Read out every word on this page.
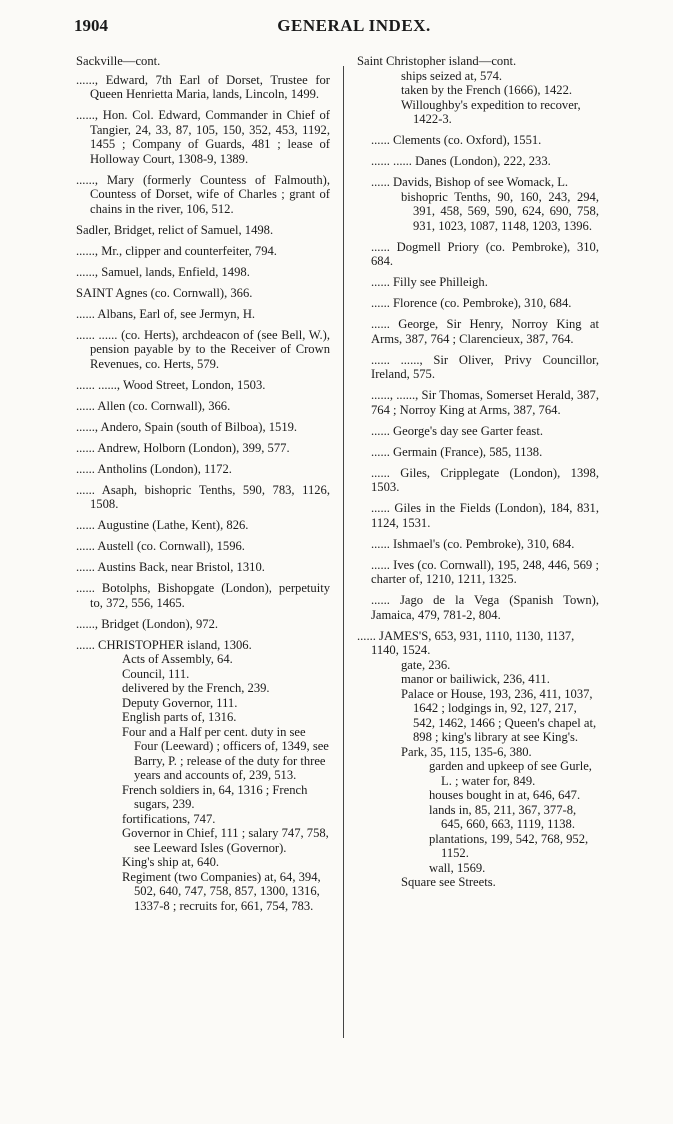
1904	GENERAL INDEX.
Sackville—cont.
......, Edward, 7th Earl of Dorset, Trustee for Queen Henrietta Maria, lands, Lincoln, 1499.
......, Hon. Col. Edward, Commander in Chief of Tangier, 24, 33, 87, 105, 150, 352, 453, 1192, 1455 ; Company of Guards, 481 ; lease of Holloway Court, 1308-9, 1389.
......, Mary (formerly Countess of Falmouth), Countess of Dorset, wife of Charles ; grant of chains in the river, 106, 512.
Sadler, Bridget, relict of Samuel, 1498.
......, Mr., clipper and counterfeiter, 794.
......, Samuel, lands, Enfield, 1498.
SAINT Agnes (co. Cornwall), 366.
...... Albans, Earl of, see Jermyn, H.
...... ...... (co. Herts), archdeacon of (see Bell, W.), pension payable by to the Receiver of Crown Revenues, co. Herts, 579.
...... ......, Wood Street, London, 1503.
...... Allen (co. Cornwall), 366.
......, Andero, Spain (south of Bilboa), 1519.
...... Andrew, Holborn (London), 399, 577.
...... Antholins (London), 1172.
...... Asaph, bishopric Tenths, 590, 783, 1126, 1508.
...... Augustine (Lathe, Kent), 826.
...... Austell (co. Cornwall), 1596.
...... Austins Back, near Bristol, 1310.
...... Botolphs, Bishopgate (London), perpetuity to, 372, 556, 1465.
......, Bridget (London), 972.
...... CHRISTOPHER island, 1306.
Acts of Assembly, 64.
Council, 111.
delivered by the French, 239.
Deputy Governor, 111.
English parts of, 1316.
Four and a Half per cent. duty in see Four (Leeward) ; officers of, 1349, see Barry, P. ; release of the duty for three years and accounts of, 239, 513.
French soldiers in, 64, 1316 ; French sugars, 239.
fortifications, 747.
Governor in Chief, 111 ; salary 747, 758, see Leeward Isles (Governor).
King's ship at, 640.
Regiment (two Companies) at, 64, 394, 502, 640, 747, 758, 857, 1300, 1316, 1337-8 ; recruits for, 661, 754, 783.
Saint Christopher island—cont.
ships seized at, 574.
taken by the French (1666), 1422.
Willoughby's expedition to recover, 1422-3.
...... Clements (co. Oxford), 1551.
...... ...... Danes (London), 222, 233.
...... Davids, Bishop of see Womack, L.
bishopric Tenths, 90, 160, 243, 294, 391, 458, 569, 590, 624, 690, 758, 931, 1023, 1087, 1148, 1203, 1396.
...... Dogmell Priory (co. Pembroke), 310, 684.
...... Filly see Philleigh.
...... Florence (co. Pembroke), 310, 684.
...... George, Sir Henry, Norroy King at Arms, 387, 764 ; Clarencieux, 387, 764.
...... ......, Sir Oliver, Privy Councillor, Ireland, 575.
......, ......, Sir Thomas, Somerset Herald, 387, 764 ; Norroy King at Arms, 387, 764.
...... George's day see Garter feast.
...... Germain (France), 585, 1138.
...... Giles, Cripplegate (London), 1398, 1503.
...... Giles in the Fields (London), 184, 831, 1124, 1531.
...... Ishmael's (co. Pembroke), 310, 684.
...... Ives (co. Cornwall), 195, 248, 446, 569 ; charter of, 1210, 1211, 1325.
...... Jago de la Vega (Spanish Town), Jamaica, 479, 781-2, 804.
...... JAMES'S, 653, 931, 1110, 1130, 1137, 1140, 1524.
gate, 236.
manor or bailiwick, 236, 411.
Palace or House, 193, 236, 411, 1037, 1642 ; lodgings in, 92, 127, 217, 542, 1462, 1466 ; Queen's chapel at, 898 ; king's library at see King's.
Park, 35, 115, 135-6, 380.
garden and upkeep of see Gurle, L. ; water for, 849.
houses bought in at, 646, 647.
lands in, 85, 211, 367, 377-8, 645, 660, 663, 1119, 1138.
plantations, 199, 542, 768, 952, 1152.
wall, 1569.
Square see Streets.
